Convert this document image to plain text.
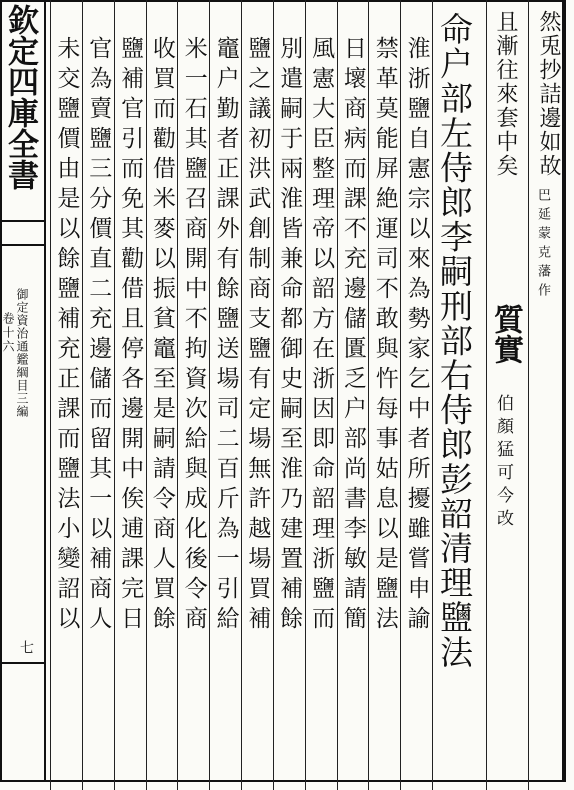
欽定四庫全書
御定資治通鑑綱目三編
卷十六
七
然兎抄詰邊如故
巴延蒙克藩作
且漸往來套中矣
質實
伯顏猛可今改
命户部左侍郎李嗣刑部右侍郎彭韶清理鹽法
淮浙鹽自憲宗以來為勢家乞中者所擾雖嘗申諭
禁革莫能屏絶運司不敢與忤每事姑息以是鹽法
日壞商病而課不充邊儲匱乏户部尚書李敏請簡
風憲大臣整理帝以韶方在浙因即命韶理浙鹽而
別遣嗣于兩淮皆兼命都御史嗣至淮乃建置補餘
鹽之議初洪武創制商支鹽有定場無許越場買補
竈户勤者正課外有餘鹽送場司二百斤為一引給
米一石其鹽召商開中不拘資次給與成化後令商
收買而勸借米麥以振貧竈至是嗣請令商人買餘
鹽補官引而免其勸借且停各邊開中俟逋課完日
官為賣鹽三分價直二充邊儲而留其一以補商人
未交鹽價由是以餘鹽補充正課而鹽法小變詔以
